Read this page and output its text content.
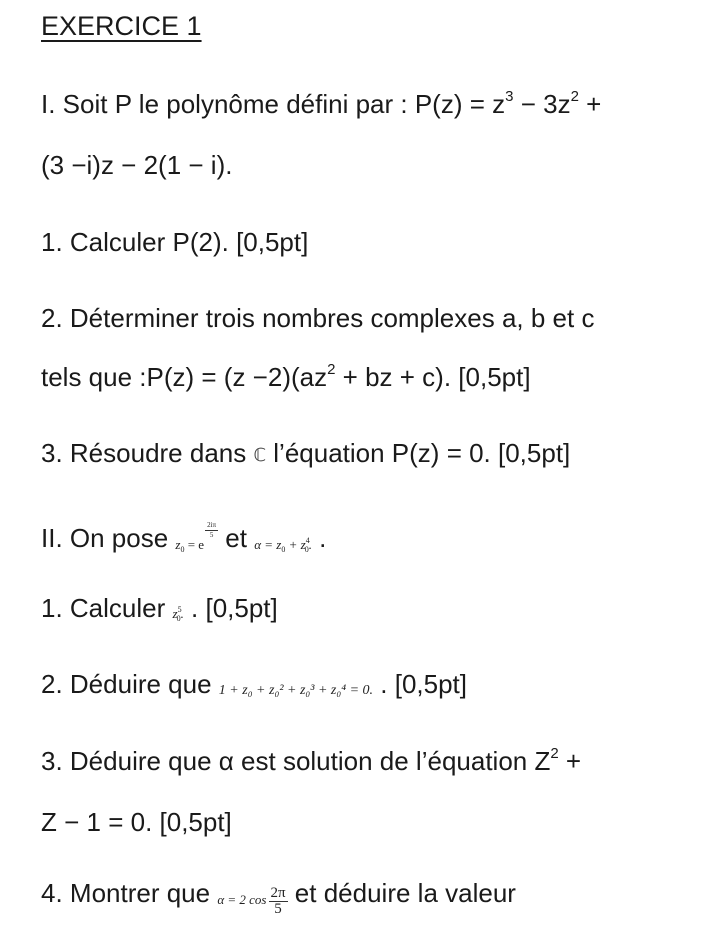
EXERCICE 1
I. Soit P le polynôme défini par : $P(z) = z^3 - 3z^2$ +
(3 −i)z − 2(1 − i).
1. Calculer P(2). [0,5pt]
2. Déterminer trois nombres complexes a, b et c
tels que :P(z) = $(z -2)(az^2$ + bz + c). [0,5pt]
3. Résoudre dans ℂ l’équation P(z) = 0. [0,5pt]
II. On pose $z_0 = e$
$\frac{2i\pi}{5}$ et $\alpha = z_0 + z^4_0$. .
1. Calculer $z^5_0$. . [0,5pt]
2. Déduire que 1 + z₀ + z₀² + z₀³ + z₀⁴ = 0. . [0,5pt]
3. Déduire que α est solution de l’équation $Z^2$ +
Z − 1 = 0. [0,5pt]
4. Montrer que α = 2 $\cos \frac{2\pi}{5}$ et déduire la valeur
